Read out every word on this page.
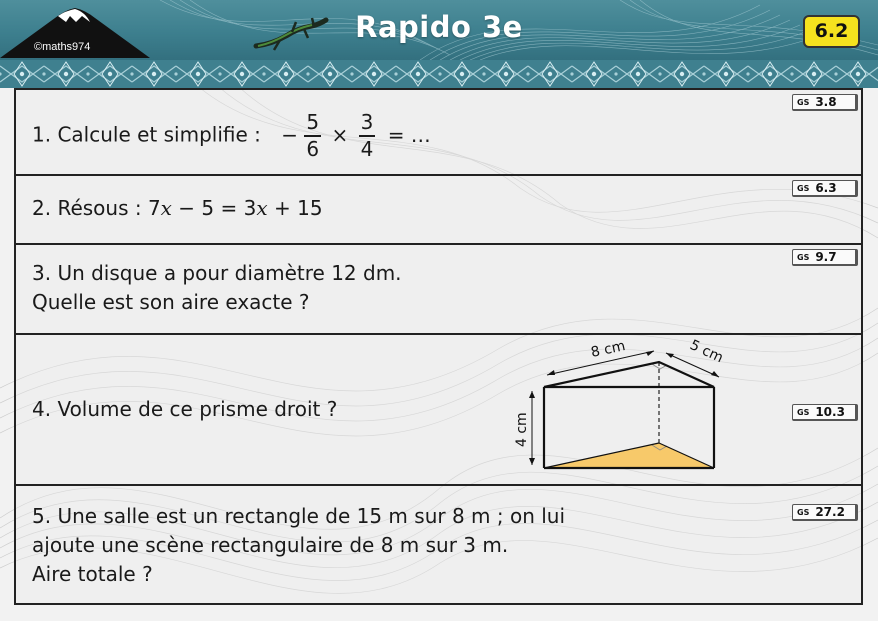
©maths974
Rapido 3e	6.2
1. Calcule et simplifie : − $\frac{5}{6} \times \frac{3}{4}$ = …
GS 3.8
2. Résous : 7x − 5 = 3x + 15
GS 6.3
3. Un disque a pour diamètre 12 dm.
Quelle est son aire exacte ?
GS 9.7
4. Volume de ce prisme droit ?
8 cm	5 cm
4 cm	GS 10.3
5. Une salle est un rectangle de 15 m sur 8 m ; on lui
ajoute une scène rectangulaire de 8 m sur 3 m.
Aire totale ?
GS 27.2
